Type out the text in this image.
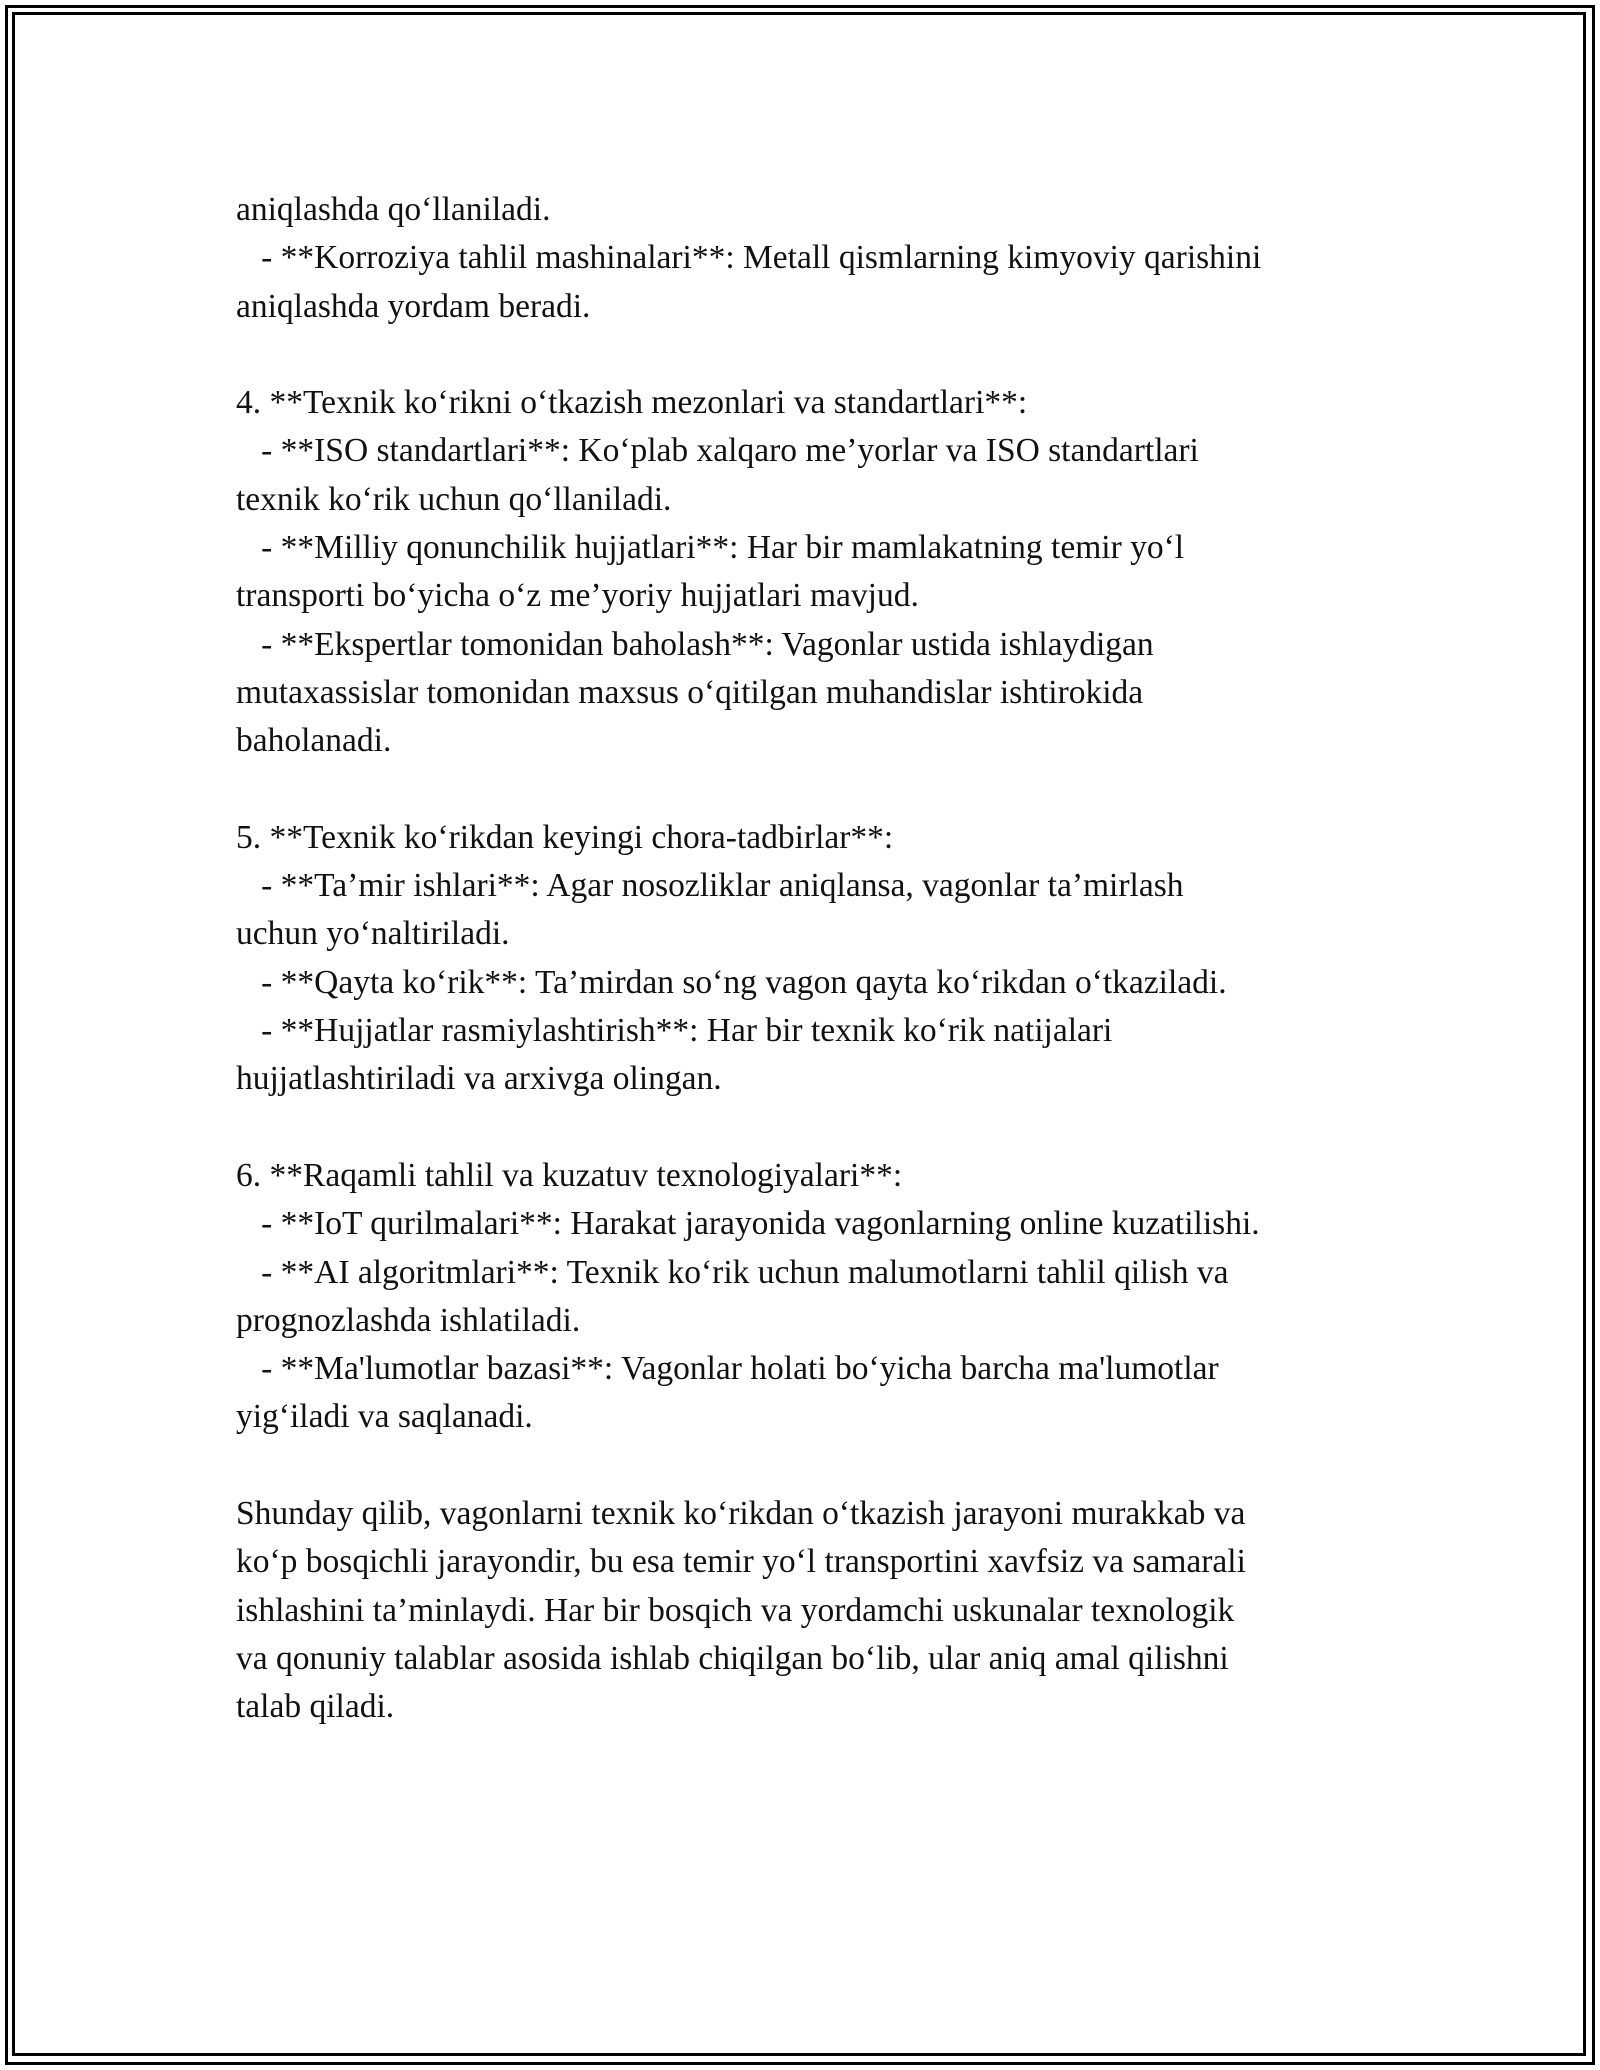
aniqlashda qo‘llaniladi.
- **Korroziya tahlil mashinalari**: Metall qismlarning kimyoviy qarishini
aniqlashda yordam beradi.
4. **Texnik ko‘rikni o‘tkazish mezonlari va standartlari**:
- **ISO standartlari**: Ko‘plab xalqaro me’yorlar va ISO standartlari
texnik ko‘rik uchun qo‘llaniladi.
- **Milliy qonunchilik hujjatlari**: Har bir mamlakatning temir yo‘l
transporti bo‘yicha o‘z me’yoriy hujjatlari mavjud.
- **Ekspertlar tomonidan baholash**: Vagonlar ustida ishlaydigan
mutaxassislar tomonidan maxsus o‘qitilgan muhandislar ishtirokida
baholanadi.
5. **Texnik ko‘rikdan keyingi chora-tadbirlar**:
- **Ta’mir ishlari**: Agar nosozliklar aniqlansa, vagonlar ta’mirlash
uchun yo‘naltiriladi.
- **Qayta ko‘rik**: Ta’mirdan so‘ng vagon qayta ko‘rikdan o‘tkaziladi.
- **Hujjatlar rasmiylashtirish**: Har bir texnik ko‘rik natijalari
hujjatlashtiriladi va arxivga olingan.
6. **Raqamli tahlil va kuzatuv texnologiyalari**:
- **IoT qurilmalari**: Harakat jarayonida vagonlarning online kuzatilishi.
- **AI algoritmlari**: Texnik ko‘rik uchun malumotlarni tahlil qilish va
prognozlashda ishlatiladi.
- **Ma'lumotlar bazasi**: Vagonlar holati bo‘yicha barcha ma'lumotlar
yig‘iladi va saqlanadi.
Shunday qilib, vagonlarni texnik ko‘rikdan o‘tkazish jarayoni murakkab va
ko‘p bosqichli jarayondir, bu esa temir yo‘l transportini xavfsiz va samarali
ishlashini ta’minlaydi. Har bir bosqich va yordamchi uskunalar texnologik
va qonuniy talablar asosida ishlab chiqilgan bo‘lib, ular aniq amal qilishni
talab qiladi.
